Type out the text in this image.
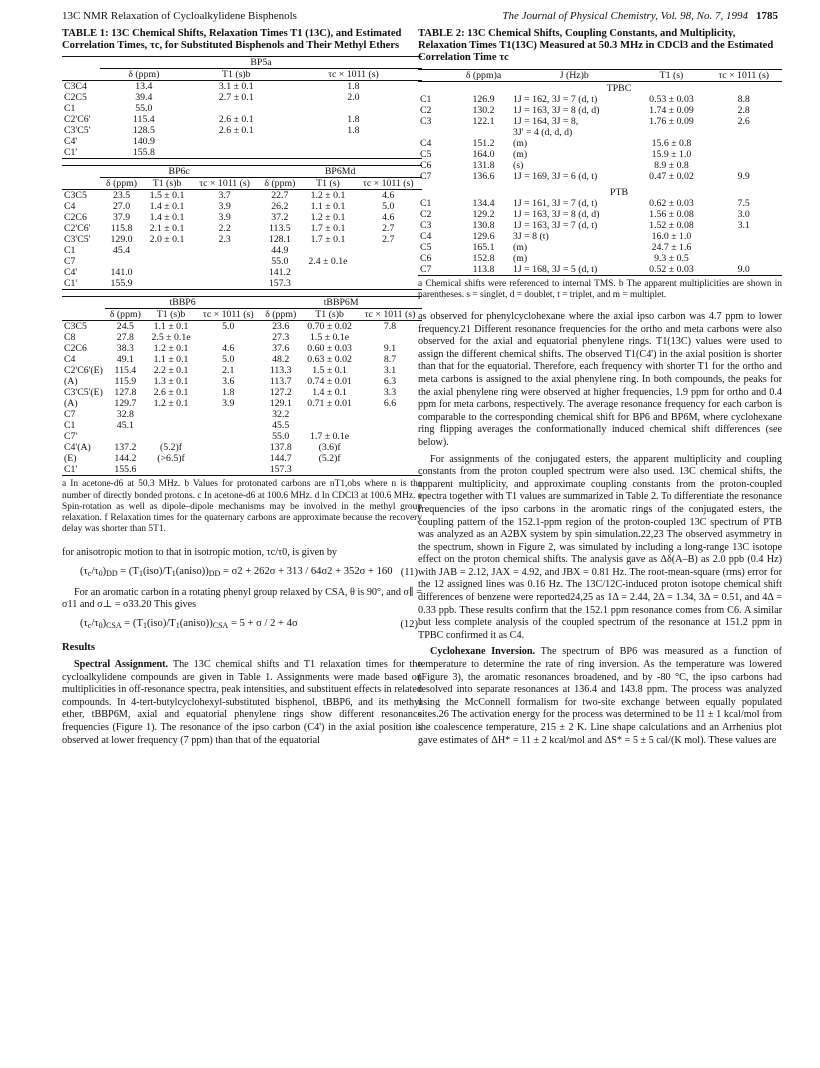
13C NMR Relaxation of Cycloalkylidene Bisphenols	The Journal of Physical Chemistry, Vol. 98, No. 7, 1994 1785
TABLE 1: 13C Chemical Shifts, Relaxation Times T1 (13C), and Estimated Correlation Times, τc, for Substituted Bisphenols and Their Methyl Ethers
	BP5a		
	δ (ppm)	T1 (s)b	τc × 1011 (s)
C3C4	13.4	3.1 ± 0.1	1.8
C2C5	39.4	2.7 ± 0.1	2.0
C1	55.0		
C2'C6'	115.4	2.6 ± 0.1	1.8
C3'C5'	128.5	2.6 ± 0.1	1.8
C4'	140.9		
C1'	155.8		
	BP6c			BP6Md		
	δ (ppm)	T1 (s)b	τc × 1011 (s)	δ (ppm)	T1 (s)	τc × 1011 (s)
C3C5	23.5	1.5 ± 0.1	3.7	22.7	1.2 ± 0.1	4.6
C4	27.0	1.4 ± 0.1	3.9	26.2	1.1 ± 0.1	5.0
C2C6	37.9	1.4 ± 0.1	3.9	37.2	1.2 ± 0.1	4.6
C2'C6'	115.8	2.1 ± 0.1	2.2	113.5	1.7 ± 0.1	2.7
C3'C5'	129.0	2.0 ± 0.1	2.3	128.1	1.7 ± 0.1	2.7
C1	45.4			44.9		
C7				55.0	2.4 ± 0.1e	
C4'	141.0			141.2		
C1'	155.9			157.3		
	tBBP6			tBBP6M		
	δ (ppm)	T1 (s)b	τc × 1011 (s)	δ (ppm)	T1 (s)b	τc × 1011 (s)
C3C5	24.5	1.1 ± 0.1	5.0	23.6	0.70 ± 0.02	7.8
C8	27.8	2.5 ± 0.1e		27.3	1.5 ± 0.1e	
C2C6	38.3	1.2 ± 0.1	4.6	37.6	0.60 ± 0.03	9.1
C4	49.1	1.1 ± 0.1	5.0	48.2	0.63 ± 0.02	8.7
C2'C6'(E)	115.4	2.2 ± 0.1	2.1	113.3	1.5 ± 0.1	3.1
(A)	115.9	1.3 ± 0.1	3.6	113.7	0.74 ± 0.01	6.3
C3'C5'(E)	127.8	2.6 ± 0.1	1.8	127.2	1.4 ± 0.1	3.3
(A)	129.7	1.2 ± 0.1	3.9	129.1	0.71 ± 0.01	6.6
C7	32.8			32.2		
C1	45.1			45.5		
C7'				55.0	1.7 ± 0.1e	
C4'(A)	137.2	(5.2)f		137.8	(3.6)f	
(E)	144.2	(>6.5)f		144.7	(5.2)f	
C1'	155.6			157.3		
a In acetone-d6 at 50.3 MHz. b Values for protonated carbons are nT1,obs where n is the number of directly bonded protons. c In acetone-d6 at 100.6 MHz. d In CDCl3 at 100.6 MHz. e Spin-rotation as well as dipole–dipole mechanisms may be involved in the methyl group relaxation. f Relaxation times for the quaternary carbons are approximate because the recovery delay was shorter than 5T1.
for anisotropic motion to that in isotropic motion, τc/τ0, is given by
$(\tau_c/\tau_0)_{DD}$ = $(T_1(iso)/T_1(aniso))_{DD} = \sigma 2 + 262\sigma + 313 / 64\sigma 2 + 352\sigma + 160$ (11)
For an aromatic carbon in a rotating phenyl group relaxed by CSA, θ is 90°, and σ∥ = σ11 and σ⊥ = σ33.20 This gives
$(\tau_c/\tau_0)_{CSA}$ = $(T_1(iso)/T_1(aniso))_{CSA} = 5 + \sigma / 2 + 4\sigma$	(12)
Results
Spectral Assignment. The 13C chemical shifts and T1 relaxation times for the cycloalkylidene compounds are given in Table 1. Assignments were made based on multiplicities in off-resonance spectra, peak intensities, and substituent effects in related compounds. In 4-tert-butylcyclohexyl-substituted bisphenol, tBBP6, and its methyl ether, tBBP6M, axial and equatorial phenylene rings show different resonance frequencies (Figure 1). The resonance of the ipso carbon (C4') in the axial position is observed at lower frequency (7 ppm) than that of the equatorial
TABLE 2: 13C Chemical Shifts, Coupling Constants, and Multiplicity, Relaxation Times T1(13C) Measured at 50.3 MHz in CDCl3 and the Estimated Correlation Time τc
	δ (ppm)a	J (Hz)b	T1 (s)	τc × 1011 (s)
	TPBC			
C1	126.9	1J = 162, 3J = 7 (d, t)	0.53 ± 0.03	8.8
C2	130.2	1J = 163, 3J = 8 (d, d)	1.74 ± 0.09	2.8
C3	122.1	1J = 164, 3J = 8,	1.76 ± 0.09	2.6
		3J' = 4 (d, d, d)		
C4	151.2	(m)	15.6 ± 0.8	
C5	164.0	(m)	15.9 ± 1.0	
C6	131.8	(s)	8.9 ± 0.8	
C7	136.6	1J = 169, 3J = 6 (d, t)	0.47 ± 0.02	9.9
	PTB			
C1	134.4	1J = 161, 3J = 7 (d, t)	0.62 ± 0.03	7.5
C2	129.2	1J = 163, 3J = 8 (d, d)	1.56 ± 0.08	3.0
C3	130.8	1J = 163, 3J = 7 (d, t)	1.52 ± 0.08	3.1
C4	129.6	3J = 8 (t)	16.0 ± 1.0	
C5	165.1	(m)	24.7 ± 1.6	
C6	152.8	(m)	9.3 ± 0.5	
C7	113.8	1J = 168, 3J = 5 (d, t)	0.52 ± 0.03	9.0
a Chemical shifts were referenced to internal TMS. b The apparent multiplicities are shown in parentheses. s = singlet, d = doublet, t = triplet, and m = multiplet.
as observed for phenylcyclohexane where the axial ipso carbon was 4.7 ppm to lower frequency.21 Different resonance frequencies for the ortho and meta carbons were also observed for the axial and equatorial phenylene rings. T1(13C) values were used to assign the different chemical shifts. The observed T1(C4') in the axial position is shorter than that for the equatorial. Therefore, each frequency with shorter T1 for the ortho and meta carbons is assigned to the axial phenylene ring. In both compounds, the peaks for the axial phenylene ring were observed at higher frequencies, 1.9 ppm for ortho and 0.4 ppm for meta carbons, respectively. The average resonance frequency for each carbon is comparable to the corresponding chemical shift for BP6 and BP6M, where cyclohexane ring flipping averages the conformationally induced chemical shift differences (see below).
For assignments of the conjugated esters, the apparent multiplicity and coupling constants from the proton coupled spectrum were also used. 13C chemical shifts, the apparent multiplicity, and approximate coupling constants from the proton-coupled spectra together with T1 values are summarized in Table 2. To differentiate the resonance frequencies of the ipso carbons in the aromatic rings of the conjugated esters, the coupling pattern of the 152.1-ppm region of the proton-coupled 13C spectrum of PTB was analyzed as an A2BX system by spin simulation.22,23 The observed asymmetry in the spectrum, shown in Figure 2, was simulated by including a long-range 13C isotope effect on the proton chemical shifts. The analysis gave as Δδ(A–B) as 2.0 ppb (0.4 Hz) with JAB = 2.12, JAX = 4.92, and JBX = 0.81 Hz. The root-mean-square (rms) error for the 12 assigned lines was 0.16 Hz. The 13C/12C-induced proton isotope chemical shift differences of benzene were reported24,25 as 1Δ = 2.44, 2Δ = 1.34, 3Δ = 0.51, and 4Δ = 0.33 ppb. These results confirm that the 152.1 ppm resonance comes from C6. A similar but less complete analysis of the coupled spectrum of the resonance at 151.2 ppm in TPBC confirmed it as C4.
Cyclohexane Inversion. The spectrum of BP6 was measured as a function of temperature to determine the rate of ring inversion. As the temperature was lowered (Figure 3), the aromatic resonances broadened, and by -80 °C, the ipso carbons had resolved into separate resonances at 136.4 and 143.8 ppm. The process was analyzed using the McConnell formalism for two-site exchange between equally populated sites.26 The activation energy for the process was determined to be 11 ± 1 kcal/mol from the coalescence temperature, 215 ± 2 K. Line shape calculations and an Arrhenius plot gave estimates of ΔH* = 11 ± 2 kcal/mol and ΔS* = 5 ± 5 cal/(K mol). These values are
